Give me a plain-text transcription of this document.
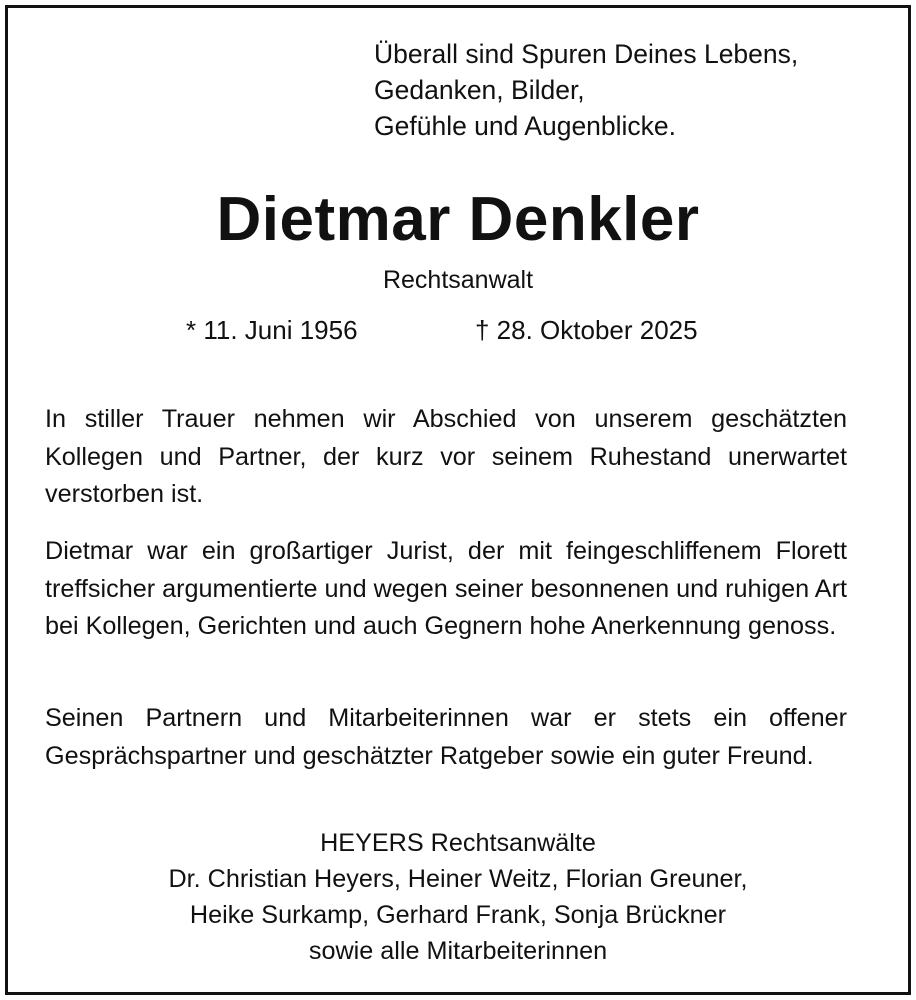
Überall sind Spuren Deines Lebens,
Gedanken, Bilder,
Gefühle und Augenblicke.
Dietmar Denkler
Rechtsanwalt
* 11. Juni 1956	† 28. Oktober 2025
In stiller Trauer nehmen wir Abschied von unserem geschätzten Kollegen und Partner, der kurz vor seinem Ruhestand unerwartet verstorben ist.
Dietmar war ein großartiger Jurist, der mit feingeschliffenem Florett treffsicher argumentierte und wegen seiner besonnenen und ruhigen Art bei Kollegen, Gerichten und auch Gegnern hohe Anerkennung genoss.
Seinen Partnern und Mitarbeiterinnen war er stets ein offener Gesprächspartner und geschätzter Ratgeber sowie ein guter Freund.
HEYERS Rechtsanwälte
Dr. Christian Heyers, Heiner Weitz, Florian Greuner,
Heike Surkamp, Gerhard Frank, Sonja Brückner
sowie alle Mitarbeiterinnen
